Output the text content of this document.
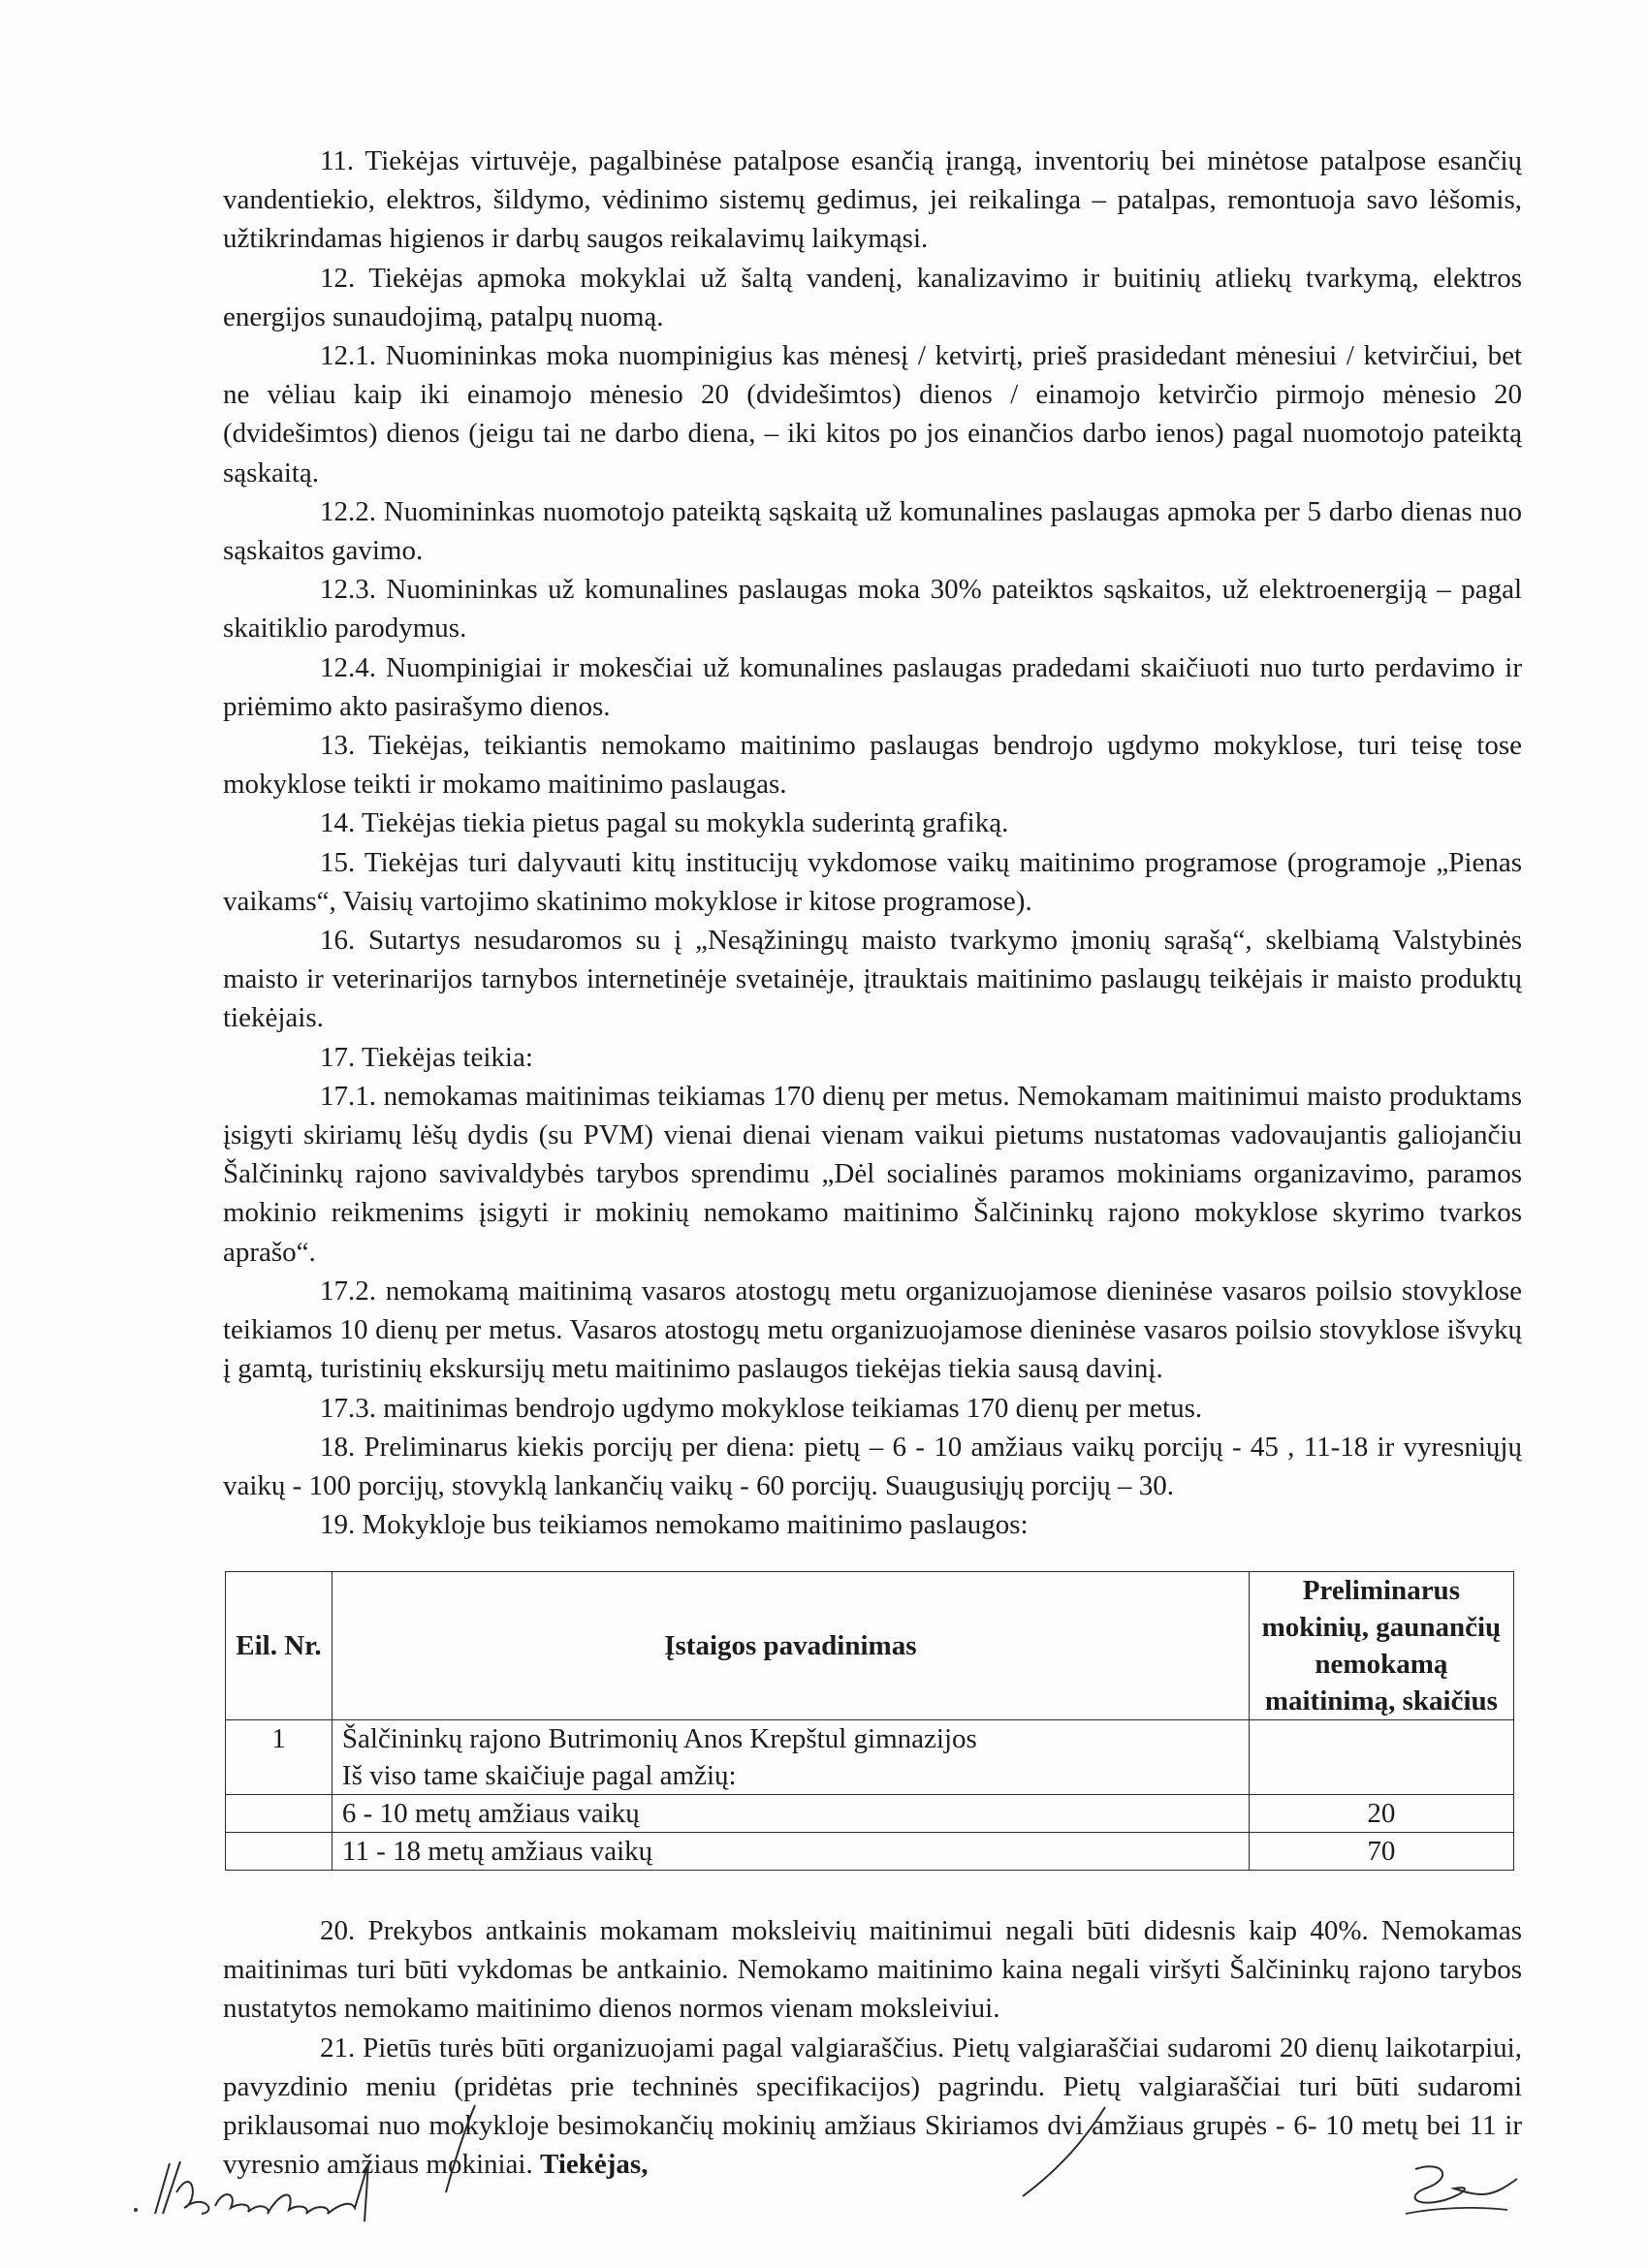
11. Tiekėjas virtuvėje, pagalbinėse patalpose esančią įrangą, inventorių bei minėtose patalpose esančių vandentiekio, elektros, šildymo, vėdinimo sistemų gedimus, jei reikalinga – patalpas, remontuoja savo lėšomis, užtikrindamas higienos ir darbų saugos reikalavimų laikymąsi.

12. Tiekėjas apmoka mokyklai už šaltą vandenį, kanalizavimo ir buitinių atliekų tvarkymą, elektros energijos sunaudojimą, patalpų nuomą.

12.1. Nuomininkas moka nuompinigius kas mėnesį / ketvirtį, prieš prasidedant mėnesiui / ketvirčiui, bet ne vėliau kaip iki einamojo mėnesio 20 (dvidešimtos) dienos / einamojo ketvirčio pirmojo mėnesio 20 (dvidešimtos) dienos (jeigu tai ne darbo diena, – iki kitos po jos einančios darbo ienos) pagal nuomotojo pateiktą sąskaitą.

12.2. Nuomininkas nuomotojo pateiktą sąskaitą už komunalines paslaugas apmoka per 5 darbo dienas nuo sąskaitos gavimo.

12.3. Nuomininkas už komunalines paslaugas moka 30% pateiktos sąskaitos, už elektroenergiją – pagal skaitiklio parodymus.

12.4. Nuompinigiai ir mokesčiai už komunalines paslaugas pradedami skaičiuoti nuo turto perdavimo ir priėmimo akto pasirašymo dienos.

13. Tiekėjas, teikiantis nemokamo maitinimo paslaugas bendrojo ugdymo mokyklose, turi teisę tose mokyklose teikti ir mokamo maitinimo paslaugas.

14. Tiekėjas tiekia pietus pagal su mokykla suderintą grafiką.

15. Tiekėjas turi dalyvauti kitų institucijų vykdomose vaikų maitinimo programose (programoje „Pienas vaikams“, Vaisių vartojimo skatinimo mokyklose ir kitose programose).

16. Sutartys nesudaromos su į „Nesąžiningų maisto tvarkymo įmonių sąrašą“, skelbiamą Valstybinės maisto ir veterinarijos tarnybos internetinėje svetainėje, įtrauktais maitinimo paslaugų teikėjais ir maisto produktų tiekėjais.

17. Tiekėjas teikia:

17.1. nemokamas maitinimas teikiamas 170 dienų per metus. Nemokamam maitinimui maisto produktams įsigyti skiriamų lėšų dydis (su PVM) vienai dienai vienam vaikui pietums nustatomas vadovaujantis galiojančiu Šalčininkų rajono savivaldybės tarybos sprendimu „Dėl socialinės paramos mokiniams organizavimo, paramos mokinio reikmenims įsigyti ir mokinių nemokamo maitinimo Šalčininkų rajono mokyklose skyrimo tvarkos aprašo“.

17.2. nemokamą maitinimą vasaros atostogų metu organizuojamose dieninėse vasaros poilsio stovyklose teikiamos 10 dienų per metus. Vasaros atostogų metu organizuojamose dieninėse vasaros poilsio stovyklose išvykų į gamtą, turistinių ekskursijų metu maitinimo paslaugos tiekėjas tiekia sausą davinį.

17.3. maitinimas bendrojo ugdymo mokyklose teikiamas 170 dienų per metus.

18. Preliminarus kiekis porcijų per diena: pietų – 6 - 10 amžiaus vaikų porcijų - 45 , 11-18 ir vyresniųjų vaikų - 100 porcijų, stovyklą lankančių vaikų - 60 porcijų. Suaugusiųjų porcijų – 30.

19. Mokykloje bus teikiamos nemokamo maitinimo paslaugos:

Eil. Nr.	Įstaigos pavadinimas	Preliminarus mokinių, gaunančių nemokamą maitinimą, skaičius
1	Šalčininkų rajono Butrimonių Anos Krepštul gimnazijos
Iš viso tame skaičiuje pagal amžių:	

	6 - 10 metų amžiaus vaikų	20
	11 - 18 metų amžiaus vaikų	70

20. Prekybos antkainis mokamam moksleivių maitinimui negali būti didesnis kaip 40%. Nemokamas maitinimas turi būti vykdomas be antkainio. Nemokamo maitinimo kaina negali viršyti Šalčininkų rajono tarybos nustatytos nemokamo maitinimo dienos normos vienam moksleiviui.

21. Pietūs turės būti organizuojami pagal valgiaraščius. Pietų valgiaraščiai sudaromi 20 dienų laikotarpiui, pavyzdinio meniu (pridėtas prie techninės specifikacijos) pagrindu. Pietų valgiaraščiai turi būti sudaromi priklausomai nuo mokykloje besimokančių mokinių amžiaus Skiriamos dvi amžiaus grupės - 6- 10 metų bei 11 ir vyresnio amžiaus mokiniai. Tiekėjas,
